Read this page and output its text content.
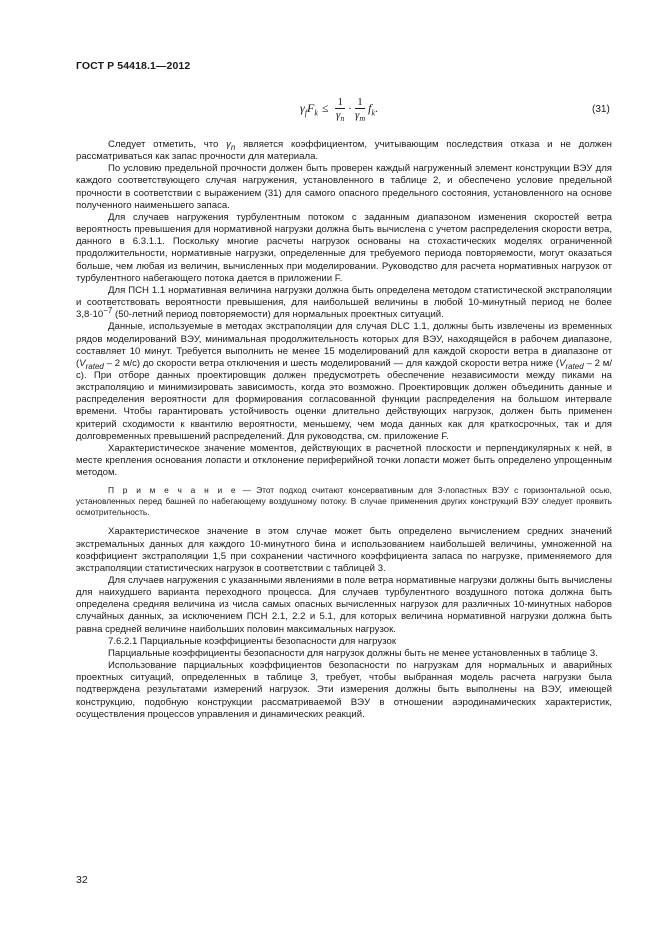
ГОСТ Р 54418.1—2012
$\gamma_f$ $F_k \le \frac{1}{\gamma_n} \cdot \frac{1}{\gamma_m} f_k$ .	(31)

Следует отметить, что $\gamma_n$ является коэффициентом, учитывающим последствия отказа и не должен рассматриваться как запас прочности для материала.

По условию предельной прочности должен быть проверен каждый нагруженный элемент конструкции ВЭУ для каждого соответствующего случая нагружения, установленного в таблице 2, и обеспечено условие предельной прочности в соответствии с выражением (31) для самого опасного предельного состояния, установленного на основе полученного наименьшего запаса.

Для случаев нагружения турбулентным потоком с заданным диапазоном изменения скоростей ветра вероятность превышения для нормативной нагрузки должна быть вычислена с учетом распределения скорости ветра, данного в 6.3.1.1. Поскольку многие расчеты нагрузок основаны на стохастических моделях ограниченной продолжительности, нормативные нагрузки, определенные для требуемого периода повторяемости, могут оказаться больше, чем любая из величин, вычисленных при моделировании. Руководство для расчета нормативных нагрузок от турбулентного набегающего потока дается в приложении F.

Для ПСН 1.1 нормативная величина нагрузки должна быть определена методом статистической экстраполяции и соответствовать вероятности превышения, для наибольшей величины в любой 10-минутный период не более $3,8\cdot 10^{-7}$ (50-летний период повторяемости) для нормальных проектных ситуаций.

Данные, используемые в методах экстраполяции для случая DLC 1.1, должны быть извлечены из временных рядов моделирований ВЭУ, минимальная продолжительность которых для ВЭУ, находящейся в рабочем диапазоне, составляет 10 минут. Требуется выполнить не менее 15 моделирований для каждой скорости ветра в диапазоне от ($V_{rated} - 2$ м/с) до скорости ветра отключения и шесть моделирований — для каждой скорости ветра ниже ($V_{rated} - 2$ м/с). При отборе данных проектировщик должен предусмотреть обеспечение независимости между пиками на экстраполяцию и минимизировать зависимость, когда это возможно. Проектировщик должен объединить данные и распределения вероятности для формирования согласованной функции распределения на большом интервале времени. Чтобы гарантировать устойчивость оценки длительно действующих нагрузок, должен быть применен критерий сходимости к квантилю вероятности, меньшему, чем мода данных как для краткосрочных, так и для долговременных превышений распределений. Для руководства, см. приложение F.

Характеристическое значение моментов, действующих в расчетной плоскости и перпендикулярных к ней, в месте крепления основания лопасти и отклонение периферийной точки лопасти может быть определено упрощенным методом.

П р и м е ч а н и е — Этот подход считают консервативным для 3-лопастных ВЭУ с горизонтальной осью, установленных перед башней по набегающему воздушному потоку. В случае применения других конструкций ВЭУ следует проявить осмотрительность.

Характеристическое значение в этом случае может быть определено вычислением средних значений экстремальных данных для каждого 10-минутного бина и использованием наибольшей величины, умноженной на коэффициент экстраполяции 1,5 при сохранении частичного коэффициента запаса по нагрузке, применяемого для экстраполяции статистических нагрузок в соответствии с таблицей 3.

Для случаев нагружения с указанными явлениями в поле ветра нормативные нагрузки должны быть вычислены для наихудшего варианта переходного процесса. Для случаев турбулентного воздушного потока должна быть определена средняя величина из числа самых опасных вычисленных нагрузок для различных 10-минутных наборов случайных данных, за исключением ПСН 2.1, 2.2 и 5.1, для которых величина нормативной нагрузки должна быть равна средней величине наибольших половин максимальных нагрузок.

7.6.2.1 Парциальные коэффициенты безопасности для нагрузок

Парциальные коэффициенты безопасности для нагрузок должны быть не менее установленных в таблице 3.

Использование парциальных коэффициентов безопасности по нагрузкам для нормальных и аварийных проектных ситуаций, определенных в таблице 3, требует, чтобы выбранная модель расчета нагрузки была подтверждена результатами измерений нагрузок. Эти измерения должны быть выполнены на ВЭУ, имеющей конструкцию, подобную конструкции рассматриваемой ВЭУ в отношении аэродинамических характеристик, осуществления процессов управления и динамических реакций.

32
